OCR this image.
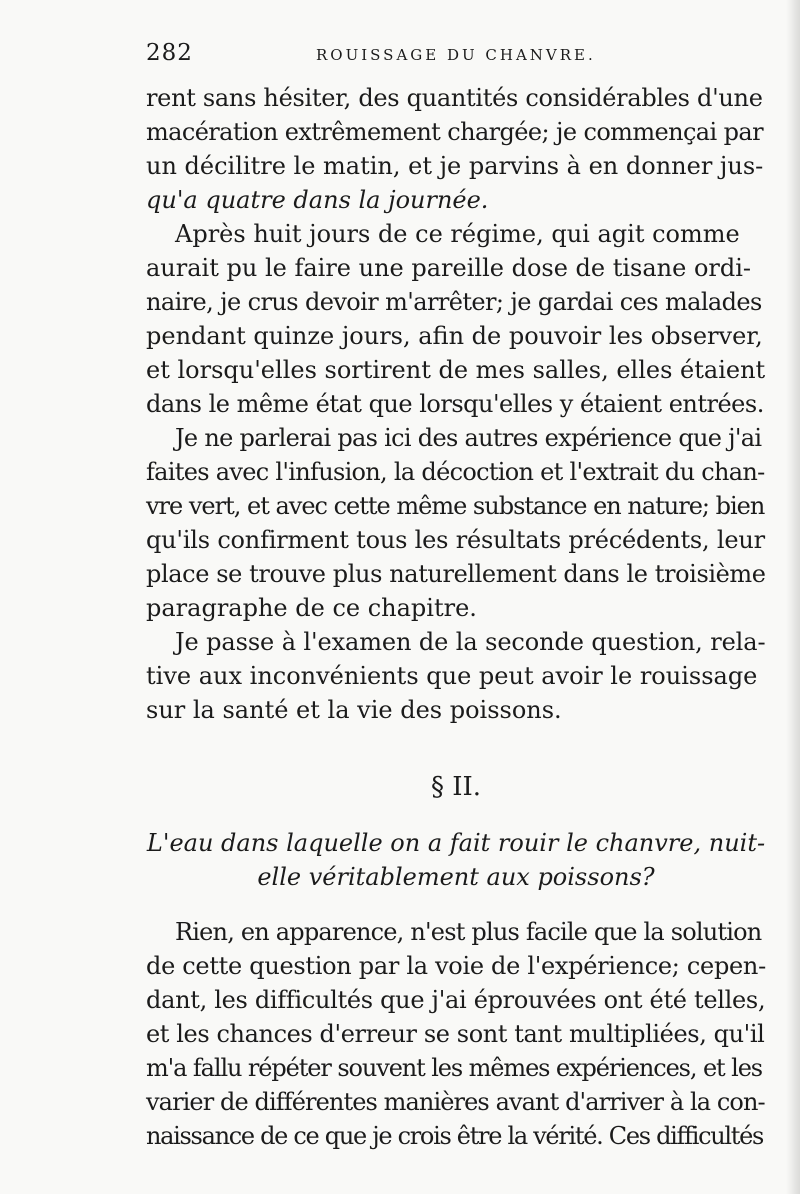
282	ROUISSAGE DU CHANVRE.
rent sans hésiter, des quantités considérables d'une
macération extrêmement chargée; je commençai par
un décilitre le matin, et je parvins à en donner jus-
qu'a quatre dans la journée.
Après huit jours de ce régime, qui agit comme
aurait pu le faire une pareille dose de tisane ordi-
naire, je crus devoir m'arrêter; je gardai ces malades
pendant quinze jours, afin de pouvoir les observer,
et lorsqu'elles sortirent de mes salles, elles étaient
dans le même état que lorsqu'elles y étaient entrées.
Je ne parlerai pas ici des autres expérience que j'ai
faites avec l'infusion, la décoction et l'extrait du chan-
vre vert, et avec cette même substance en nature; bien
qu'ils confirment tous les résultats précédents, leur
place se trouve plus naturellement dans le troisième
paragraphe de ce chapitre.
Je passe à l'examen de la seconde question, rela-
tive aux inconvénients que peut avoir le rouissage
sur la santé et la vie des poissons.
§ II.
L'eau dans laquelle on a fait rouir le chanvre, nuit-
elle véritablement aux poissons?
Rien, en apparence, n'est plus facile que la solution
de cette question par la voie de l'expérience; cepen-
dant, les difficultés que j'ai éprouvées ont été telles,
et les chances d'erreur se sont tant multipliées, qu'il
m'a fallu répéter souvent les mêmes expériences, et les
varier de différentes manières avant d'arriver à la con-
naissance de ce que je crois être la vérité. Ces difficultés
